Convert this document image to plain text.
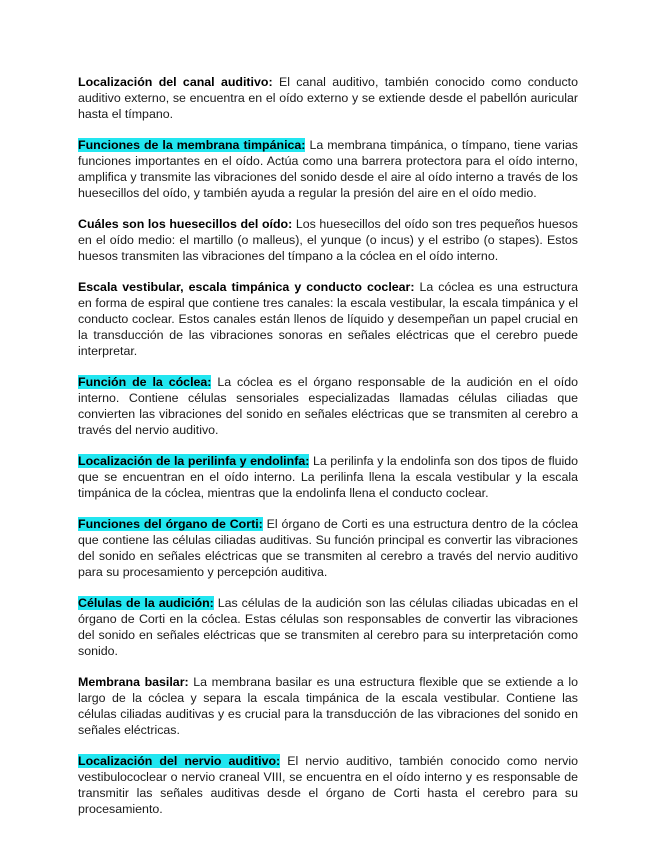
Localización del canal auditivo: El canal auditivo, también conocido como conducto auditivo externo, se encuentra en el oído externo y se extiende desde el pabellón auricular hasta el tímpano.

Funciones de la membrana timpánica: La membrana timpánica, o tímpano, tiene varias funciones importantes en el oído. Actúa como una barrera protectora para el oído interno, amplifica y transmite las vibraciones del sonido desde el aire al oído interno a través de los huesecillos del oído, y también ayuda a regular la presión del aire en el oído medio.

Cuáles son los huesecillos del oído: Los huesecillos del oído son tres pequeños huesos en el oído medio: el martillo (o malleus), el yunque (o incus) y el estribo (o stapes). Estos huesos transmiten las vibraciones del tímpano a la cóclea en el oído interno.

Escala vestibular, escala timpánica y conducto coclear: La cóclea es una estructura en forma de espiral que contiene tres canales: la escala vestibular, la escala timpánica y el conducto coclear. Estos canales están llenos de líquido y desempeñan un papel crucial en la transducción de las vibraciones sonoras en señales eléctricas que el cerebro puede interpretar.

Función de la cóclea: La cóclea es el órgano responsable de la audición en el oído interno. Contiene células sensoriales especializadas llamadas células ciliadas que convierten las vibraciones del sonido en señales eléctricas que se transmiten al cerebro a través del nervio auditivo.

Localización de la perilinfa y endolinfa: La perilinfa y la endolinfa son dos tipos de fluido que se encuentran en el oído interno. La perilinfa llena la escala vestibular y la escala timpánica de la cóclea, mientras que la endolinfa llena el conducto coclear.

Funciones del órgano de Corti: El órgano de Corti es una estructura dentro de la cóclea que contiene las células ciliadas auditivas. Su función principal es convertir las vibraciones del sonido en señales eléctricas que se transmiten al cerebro a través del nervio auditivo para su procesamiento y percepción auditiva.

Células de la audición: Las células de la audición son las células ciliadas ubicadas en el órgano de Corti en la cóclea. Estas células son responsables de convertir las vibraciones del sonido en señales eléctricas que se transmiten al cerebro para su interpretación como sonido.

Membrana basilar: La membrana basilar es una estructura flexible que se extiende a lo largo de la cóclea y separa la escala timpánica de la escala vestibular. Contiene las células ciliadas auditivas y es crucial para la transducción de las vibraciones del sonido en señales eléctricas.

Localización del nervio auditivo: El nervio auditivo, también conocido como nervio vestibulococlear o nervio craneal VIII, se encuentra en el oído interno y es responsable de transmitir las señales auditivas desde el órgano de Corti hasta el cerebro para su procesamiento.
